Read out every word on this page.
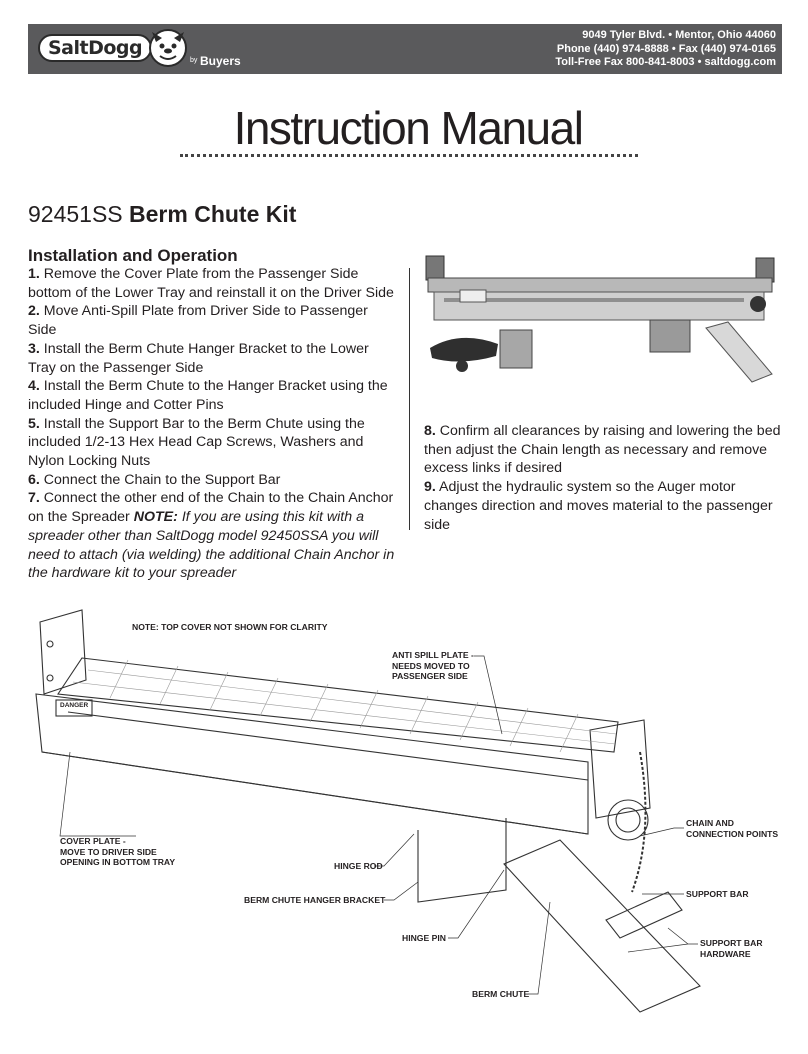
SaltDogg
by Buyers
9049 Tyler Blvd. • Mentor, Ohio 44060
Phone (440) 974-8888 • Fax (440) 974-0165
Toll-Free Fax 800-841-8003 • saltdogg.com
Instruction Manual
92451SS Berm Chute Kit
Installation and Operation

1. Remove the Cover Plate from the Passenger Side bottom of the Lower Tray and reinstall it on the Driver Side

2. Move Anti-Spill Plate from Driver Side to Passenger Side

3. Install the Berm Chute Hanger Bracket to the Lower Tray on the Passenger Side

4. Install the Berm Chute to the Hanger Bracket using the included Hinge and Cotter Pins

5. Install the Support Bar to the Berm Chute using the included 1/2-13 Hex Head Cap Screws, Washers and Nylon Locking Nuts

6. Connect the Chain to the Support Bar

7. Connect the other end of the Chain to the Chain Anchor on the Spreader NOTE: If you are using this kit with a spreader other than SaltDogg model 92450SSA you will need to attach (via welding) the additional Chain Anchor in the hardware kit to your spreader

8. Confirm all clearances by raising and lowering the bed then adjust the Chain length as necessary and remove excess links if desired

9. Adjust the hydraulic system so the Auger motor changes direction and moves material to the passenger side

NOTE: TOP COVER NOT SHOWN FOR CLARITY
DANGER
ANTI SPILL PLATE -
NEEDS MOVED TO
PASSENGER SIDE
COVER PLATE -
MOVE TO DRIVER SIDE
OPENING IN BOTTOM TRAY	HINGE ROD
BERM CHUTE HANGER BRACKET
HINGE PIN
BERM CHUTE
CHAIN AND
CONNECTION POINTS
SUPPORT BAR
SUPPORT BAR
HARDWARE
